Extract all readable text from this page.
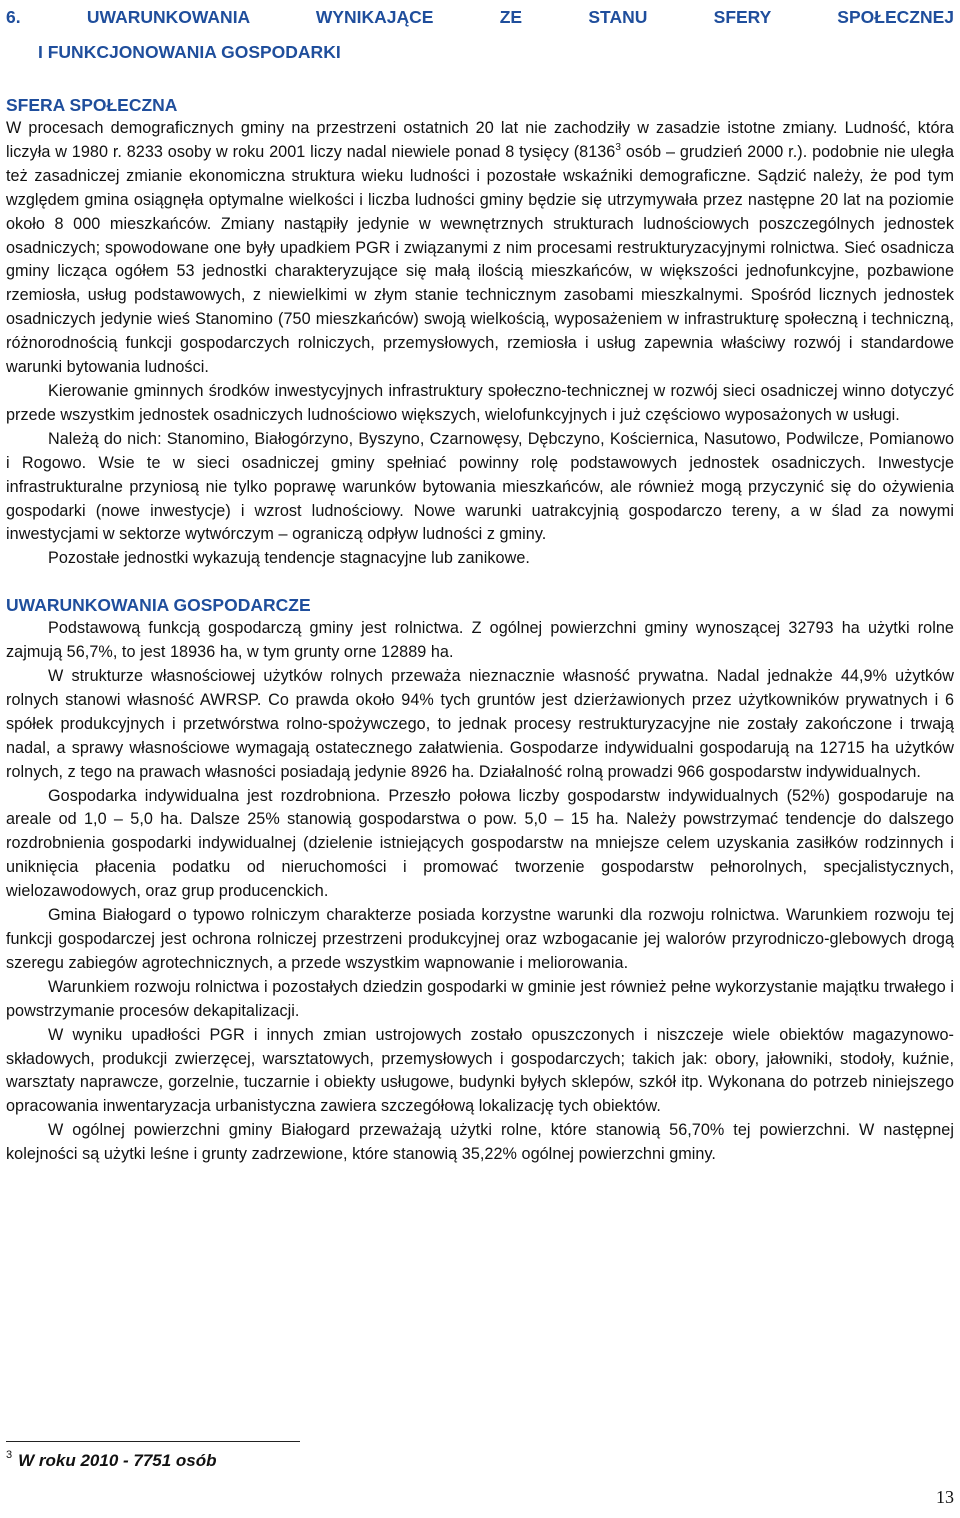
6. UWARUNKOWANIA WYNIKAJĄCE ZE STANU SFERY SPOŁECZNEJ
I FUNKCJONOWANIA GOSPODARKI
SFERA SPOŁECZNA

W procesach demograficznych gminy na przestrzeni ostatnich 20 lat nie zachodziły w zasadzie istotne zmiany. Ludność, która liczyła w 1980 r. 8233 osoby w roku 2001 liczy nadal niewiele ponad 8 tysięcy (8136$^3$ osób – grudzień 2000 r.). podobnie nie uległa też zasadniczej zmianie ekonomiczna struktura wieku ludności i pozostałe wskaźniki demograficzne. Sądzić należy, że pod tym względem gmina osiągnęła optymalne wielkości i liczba ludności gminy będzie się utrzymywała przez następne 20 lat na poziomie około 8 000 mieszkańców. Zmiany nastąpiły jedynie w wewnętrznych strukturach ludnościowych poszczególnych jednostek osadniczych; spowodowane one były upadkiem PGR i związanymi z nim procesami restrukturyzacyjnymi rolnictwa. Sieć osadnicza gminy licząca ogółem 53 jednostki charakteryzujące się małą ilością mieszkańców, w większości jednofunkcyjne, pozbawione rzemiosła, usług podstawowych, z niewielkimi w złym stanie technicznym zasobami mieszkalnymi. Spośród licznych jednostek osadniczych jedynie wieś Stanomino (750 mieszkańców) swoją wielkością, wyposażeniem w infrastrukturę społeczną i techniczną, różnorodnością funkcji gospodarczych rolniczych, przemysłowych, rzemiosła i usług zapewnia właściwy rozwój i standardowe warunki bytowania ludności.

Kierowanie gminnych środków inwestycyjnych infrastruktury społeczno-technicznej w rozwój sieci osadniczej winno dotyczyć przede wszystkim jednostek osadniczych ludnościowo większych, wielofunkcyjnych i już częściowo wyposażonych w usługi.

Należą do nich: Stanomino, Białogórzyno, Byszyno, Czarnowęsy, Dębczyno, Kościernica, Nasutowo, Podwilcze, Pomianowo i Rogowo. Wsie te w sieci osadniczej gminy spełniać powinny rolę podstawowych jednostek osadniczych. Inwestycje infrastrukturalne przyniosą nie tylko poprawę warunków bytowania mieszkańców, ale również mogą przyczynić się do ożywienia gospodarki (nowe inwestycje) i wzrost ludnościowy. Nowe warunki uatrakcyjnią gospodarczo tereny, a w ślad za nowymi inwestycjami w sektorze wytwórczym – ograniczą odpływ ludności z gminy.

Pozostałe jednostki wykazują tendencje stagnacyjne lub zanikowe.

UWARUNKOWANIA GOSPODARCZE

Podstawową funkcją gospodarczą gminy jest rolnictwa. Z ogólnej powierzchni gminy wynoszącej 32793 ha użytki rolne zajmują 56,7%, to jest 18936 ha, w tym grunty orne 12889 ha.

W strukturze własnościowej użytków rolnych przeważa nieznacznie własność prywatna. Nadal jednakże 44,9% użytków rolnych stanowi własność AWRSP. Co prawda około 94% tych gruntów jest dzierżawionych przez użytkowników prywatnych i 6 spółek produkcyjnych i przetwórstwa rolno-spożywczego, to jednak procesy restrukturyzacyjne nie zostały zakończone i trwają nadal, a sprawy własnościowe wymagają ostatecznego załatwienia. Gospodarze indywidualni gospodarują na 12715 ha użytków rolnych, z tego na prawach własności posiadają jedynie 8926 ha. Działalność rolną prowadzi 966 gospodarstw indywidualnych.

Gospodarka indywidualna jest rozdrobniona. Przeszło połowa liczby gospodarstw indywidualnych (52%) gospodaruje na areale od 1,0 – 5,0 ha. Dalsze 25% stanowią gospodarstwa o pow. 5,0 – 15 ha. Należy powstrzymać tendencje do dalszego rozdrobnienia gospodarki indywidualnej (dzielenie istniejących gospodarstw na mniejsze celem uzyskania zasiłków rodzinnych i uniknięcia płacenia podatku od nieruchomości i promować tworzenie gospodarstw pełnorolnych, specjalistycznych, wielozawodowych, oraz grup producenckich.

Gmina Białogard o typowo rolniczym charakterze posiada korzystne warunki dla rozwoju rolnictwa. Warunkiem rozwoju tej funkcji gospodarczej jest ochrona rolniczej przestrzeni produkcyjnej oraz wzbogacanie jej walorów przyrodniczo-glebowych drogą szeregu zabiegów agrotechnicznych, a przede wszystkim wapnowanie i meliorowania.

Warunkiem rozwoju rolnictwa i pozostałych dziedzin gospodarki w gminie jest również pełne wykorzystanie majątku trwałego i powstrzymanie procesów dekapitalizacji.

W wyniku upadłości PGR i innych zmian ustrojowych zostało opuszczonych i niszczeje wiele obiektów magazynowo-składowych, produkcji zwierzęcej, warsztatowych, przemysłowych i gospodarczych; takich jak: obory, jałowniki, stodoły, kuźnie, warsztaty naprawcze, gorzelnie, tuczarnie i obiekty usługowe, budynki byłych sklepów, szkół itp. Wykonana do potrzeb niniejszego opracowania inwentaryzacja urbanistyczna zawiera szczegółową lokalizację tych obiektów.

W ogólnej powierzchni gminy Białogard przeważają użytki rolne, które stanowią 56,70% tej powierzchni. W następnej kolejności są użytki leśne i grunty zadrzewione, które stanowią 35,22% ogólnej powierzchni gminy.

$^3$ W roku 2010 - 7751 osób

13
